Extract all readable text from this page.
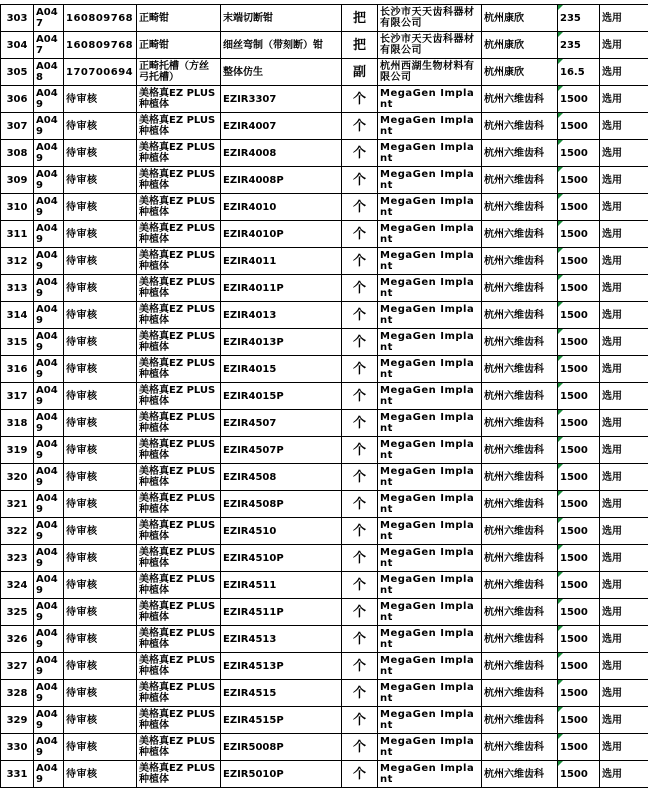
303	A047	160809768	正畸钳	末端切断钳	把	长沙市天天齿科器材有限公司	杭州康欣	235	选用
304	A047	160809768	正畸钳	细丝弯制（带刻断）钳	把	长沙市天天齿科器材有限公司	杭州康欣	235	选用
305	A048	170700694	正畸托槽（方丝弓托槽）	整体仿生	副	杭州西湖生物材料有限公司	杭州康欣	16.5	选用
306	A049	待审核	美格真EZ PLUS种植体	EZIR3307	个	MegaGen Implant	杭州六维齿科	1500	选用
307	A049	待审核	美格真EZ PLUS种植体	EZIR4007	个	MegaGen Implant	杭州六维齿科	1500	选用
308	A049	待审核	美格真EZ PLUS种植体	EZIR4008	个	MegaGen Implant	杭州六维齿科	1500	选用
309	A049	待审核	美格真EZ PLUS种植体	EZIR4008P	个	MegaGen Implant	杭州六维齿科	1500	选用
310	A049	待审核	美格真EZ PLUS种植体	EZIR4010	个	MegaGen Implant	杭州六维齿科	1500	选用
311	A049	待审核	美格真EZ PLUS种植体	EZIR4010P	个	MegaGen Implant	杭州六维齿科	1500	选用
312	A049	待审核	美格真EZ PLUS种植体	EZIR4011	个	MegaGen Implant	杭州六维齿科	1500	选用
313	A049	待审核	美格真EZ PLUS种植体	EZIR4011P	个	MegaGen Implant	杭州六维齿科	1500	选用
314	A049	待审核	美格真EZ PLUS种植体	EZIR4013	个	MegaGen Implant	杭州六维齿科	1500	选用
315	A049	待审核	美格真EZ PLUS种植体	EZIR4013P	个	MegaGen Implant	杭州六维齿科	1500	选用
316	A049	待审核	美格真EZ PLUS种植体	EZIR4015	个	MegaGen Implant	杭州六维齿科	1500	选用
317	A049	待审核	美格真EZ PLUS种植体	EZIR4015P	个	MegaGen Implant	杭州六维齿科	1500	选用
318	A049	待审核	美格真EZ PLUS种植体	EZIR4507	个	MegaGen Implant	杭州六维齿科	1500	选用
319	A049	待审核	美格真EZ PLUS种植体	EZIR4507P	个	MegaGen Implant	杭州六维齿科	1500	选用
320	A049	待审核	美格真EZ PLUS种植体	EZIR4508	个	MegaGen Implant	杭州六维齿科	1500	选用
321	A049	待审核	美格真EZ PLUS种植体	EZIR4508P	个	MegaGen Implant	杭州六维齿科	1500	选用
322	A049	待审核	美格真EZ PLUS种植体	EZIR4510	个	MegaGen Implant	杭州六维齿科	1500	选用
323	A049	待审核	美格真EZ PLUS种植体	EZIR4510P	个	MegaGen Implant	杭州六维齿科	1500	选用
324	A049	待审核	美格真EZ PLUS种植体	EZIR4511	个	MegaGen Implant	杭州六维齿科	1500	选用
325	A049	待审核	美格真EZ PLUS种植体	EZIR4511P	个	MegaGen Implant	杭州六维齿科	1500	选用
326	A049	待审核	美格真EZ PLUS种植体	EZIR4513	个	MegaGen Implant	杭州六维齿科	1500	选用
327	A049	待审核	美格真EZ PLUS种植体	EZIR4513P	个	MegaGen Implant	杭州六维齿科	1500	选用
328	A049	待审核	美格真EZ PLUS种植体	EZIR4515	个	MegaGen Implant	杭州六维齿科	1500	选用
329	A049	待审核	美格真EZ PLUS种植体	EZIR4515P	个	MegaGen Implant	杭州六维齿科	1500	选用
330	A049	待审核	美格真EZ PLUS种植体	EZIR5008P	个	MegaGen Implant	杭州六维齿科	1500	选用
331	A049	待审核	美格真EZ PLUS种植体	EZIR5010P	个	MegaGen Implant	杭州六维齿科	1500	选用
